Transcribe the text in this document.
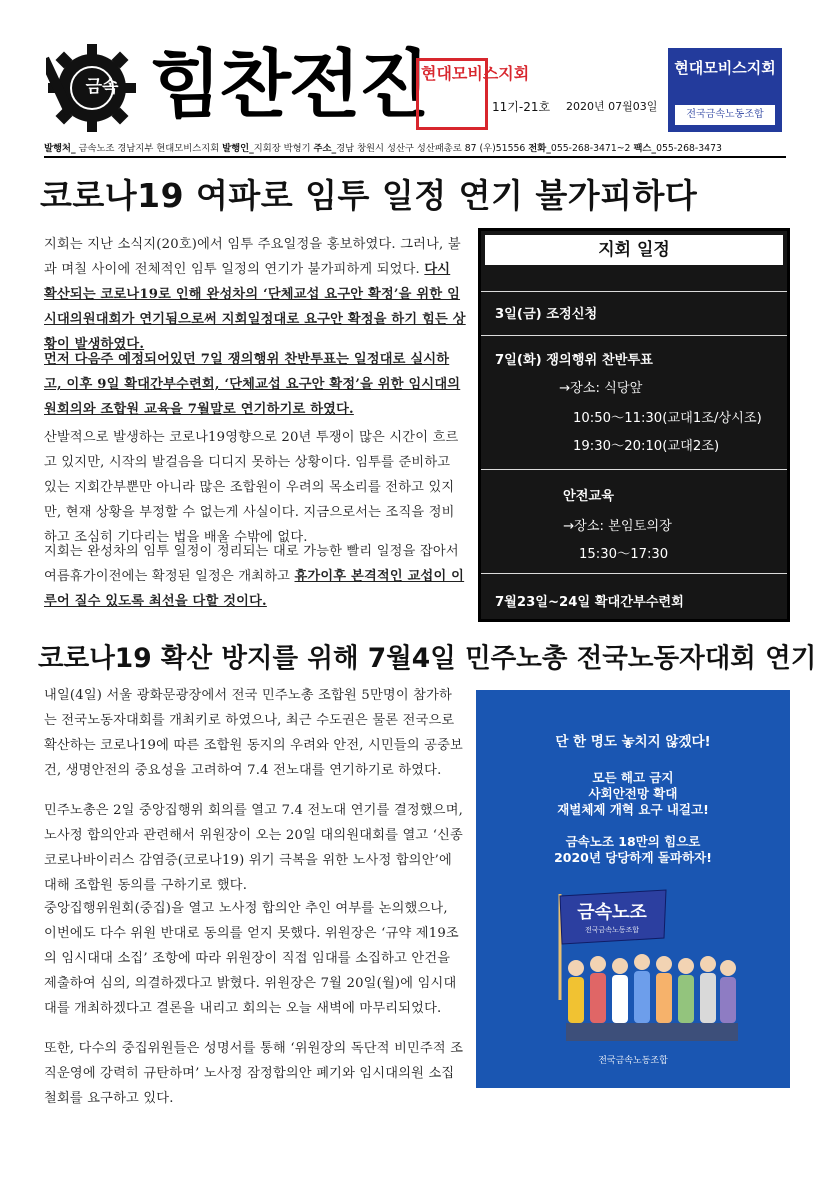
금속 힘찬전진
현대모비스지회
11기-21호 2020년 07월03일
현대모비스지회
전국금속노동조합
발행처_ 금속노조 경남지부 현대모비스지회 발행인_지회장 박형기 주소_경남 창원시 성산구 성산패총로 87 (우)51556 전화_055-268-3471~2 팩스_055-268-3473
코로나19 여파로 임투 일정 연기 불가피하다
지회는 지난 소식지(20호)에서 임투 주요일정을 홍보하였다. 그러나, 불과 며칠 사이에 전체적인 임투 일정의 연기가 불가피하게 되었다. 다시 확산되는 코로나19로 인해 완성차의 ‘단체교섭 요구안 확정’을 위한 임시대의원대회가 연기됨으로써 지회일정대로 요구안 확정을 하기 힘든 상황이 발생하였다.
먼저 다음주 예정되어있던 7일 쟁의행위 찬반투표는 일정대로 실시하고, 이후 9일 확대간부수련회, ‘단체교섭 요구안 확정’을 위한 임시대의원회의와 조합원 교육을 7월말로 연기하기로 하였다.
산발적으로 발생하는 코로나19영향으로 20년 투쟁이 많은 시간이 흐르고 있지만, 시작의 발걸음을 디디지 못하는 상황이다. 임투를 준비하고 있는 지회간부뿐만 아니라 많은 조합원이 우려의 목소리를 전하고 있지만, 현재 상황을 부정할 수 없는게 사실이다. 지금으로서는 조직을 정비하고 조심히 기다리는 법을 배울 수밖에 없다.
지회는 완성차의 임투 일정이 정리되는 대로 가능한 빨리 일정을 잡아서 여름휴가이전에는 확정된 일정은 개최하고 휴가이후 본격적인 교섭이 이루어 질수 있도록 최선을 다할 것이다.
지회 일정
3일(금) 조정신청
7일(화) 쟁의행위 찬반투표
→장소: 식당앞
10:50～11:30(교대1조/상시조)
19:30～20:10(교대2조)
안전교육
→장소: 본임토의장
15:30～17:30
7월23일~24일 확대간부수련회
코로나19 확산 방지를 위해 7월4일 민주노총 전국노동자대회 연기
내일(4일) 서울 광화문광장에서 전국 민주노총 조합원 5만명이 참가하는 전국노동자대회를 개최키로 하였으나, 최근 수도권은 물론 전국으로 확산하는 코로나19에 따른 조합원 동지의 우려와 안전, 시민들의 공중보건, 생명안전의 중요성을 고려하여 7.4 전노대를 연기하기로 하였다.
민주노총은 2일 중앙집행위 회의를 열고 7.4 전노대 연기를 결정했으며, 노사정 합의안과 관련해서 위원장이 오는 20일 대의원대회를 열고 ‘신종 코로나바이러스 감염증(코로나19) 위기 극복을 위한 노사정 합의안’에 대해 조합원 동의를 구하기로 했다.
중앙집행위원회(중집)을 열고 노사정 합의안 추인 여부를 논의했으나, 이번에도 다수 위원 반대로 동의를 얻지 못했다. 위원장은 ‘규약 제19조의 임시대대 소집’ 조항에 따라 위원장이 직접 임대를 소집하고 안건을 제출하여 심의, 의결하겠다고 밝혔다. 위원장은 7월 20일(월)에 임시대대를 개최하겠다고 결론을 내리고 회의는 오늘 새벽에 마무리되었다.
또한, 다수의 중집위원들은 성명서를 통해 ‘위원장의 독단적 비민주적 조직운영에 강력히 규탄하며’ 노사정 잠정합의안 폐기와 임시대의원 소집 철회를 요구하고 있다.
단 한 명도 놓치지 않겠다!
모든 해고 금지
사회안전망 확대
재벌체제 개혁 요구 내걸고!
금속노조 18만의 힘으로
2020년 당당하게 돌파하자!
금속노조
전국금속노동조합
전국금속노동조합
